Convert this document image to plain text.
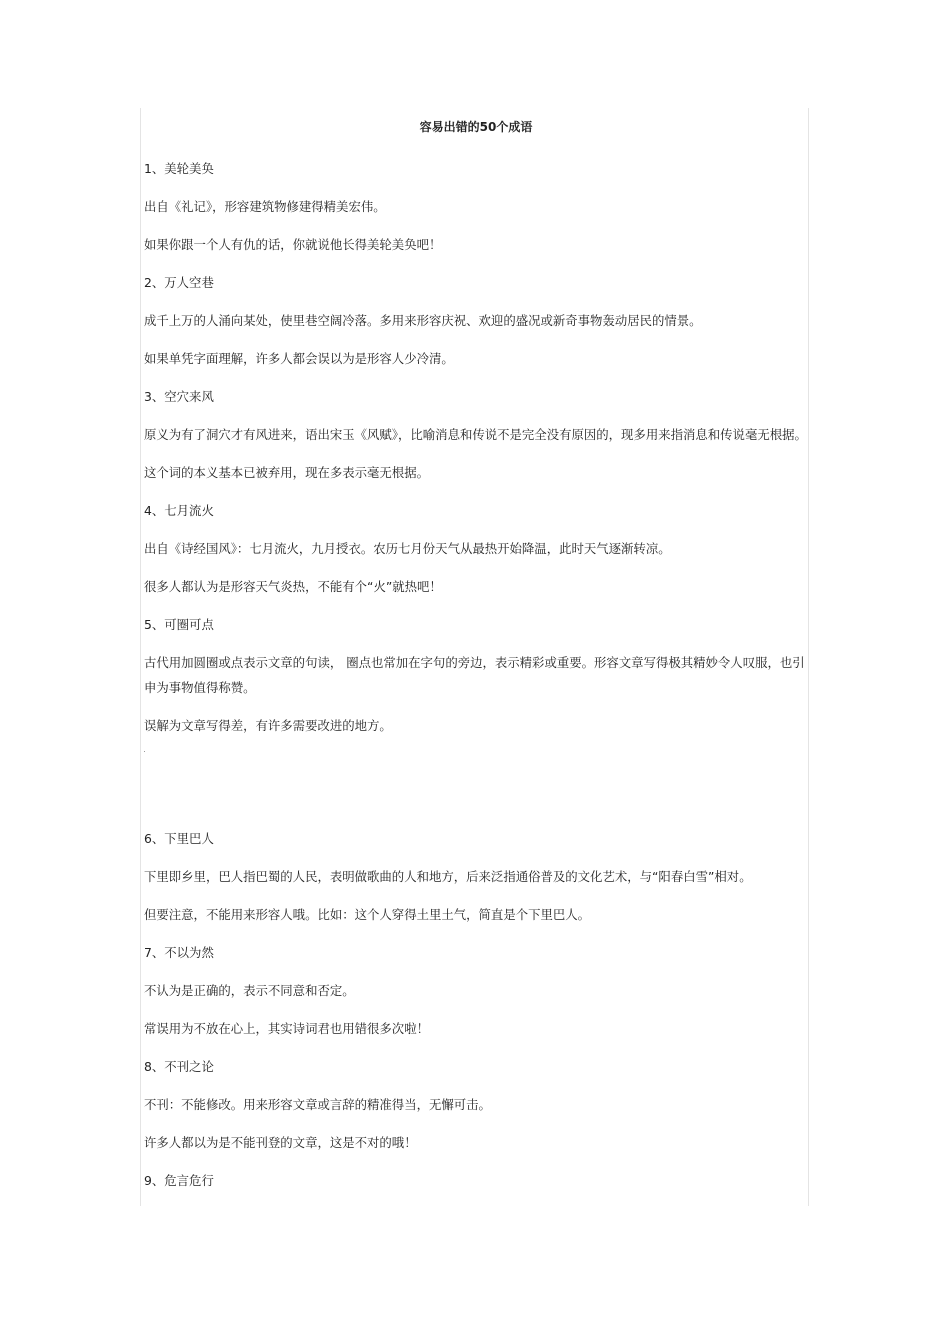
容易出错的50个成语
1、美轮美奂
出自《礼记》，形容建筑物修建得精美宏伟。
如果你跟一个人有仇的话，你就说他长得美轮美奂吧！
2、万人空巷
成千上万的人涌向某处，使里巷空阔冷落。多用来形容庆祝、欢迎的盛况或新奇事物轰动居民的情景。
如果单凭字面理解，许多人都会误以为是形容人少冷清。
3、空穴来风
原义为有了洞穴才有风进来，语出宋玉《风赋》，比喻消息和传说不是完全没有原因的，现多用来指消息和传说毫无根据。
这个词的本义基本已被弃用，现在多表示毫无根据。
4、七月流火
出自《诗经国风》：七月流火，九月授衣。农历七月份天气从最热开始降温，此时天气逐渐转凉。
很多人都认为是形容天气炎热，不能有个“火”就热吧！
5、可圈可点
古代用加圆圈或点表示文章的句读， 圈点也常加在字句的旁边，表示精彩或重要。形容文章写得极其精妙令人叹服，也引申为事物值得称赞。
误解为文章写得差，有许多需要改进的地方。
6、下里巴人
下里即乡里，巴人指巴蜀的人民，表明做歌曲的人和地方，后来泛指通俗普及的文化艺术，与“阳春白雪”相对。
但要注意，不能用来形容人哦。比如：这个人穿得土里土气，简直是个下里巴人。
7、不以为然
不认为是正确的，表示不同意和否定。
常误用为不放在心上，其实诗词君也用错很多次啦！
8、不刊之论
不刊：不能修改。用来形容文章或言辞的精准得当，无懈可击。
许多人都以为是不能刊登的文章，这是不对的哦！
9、危言危行
